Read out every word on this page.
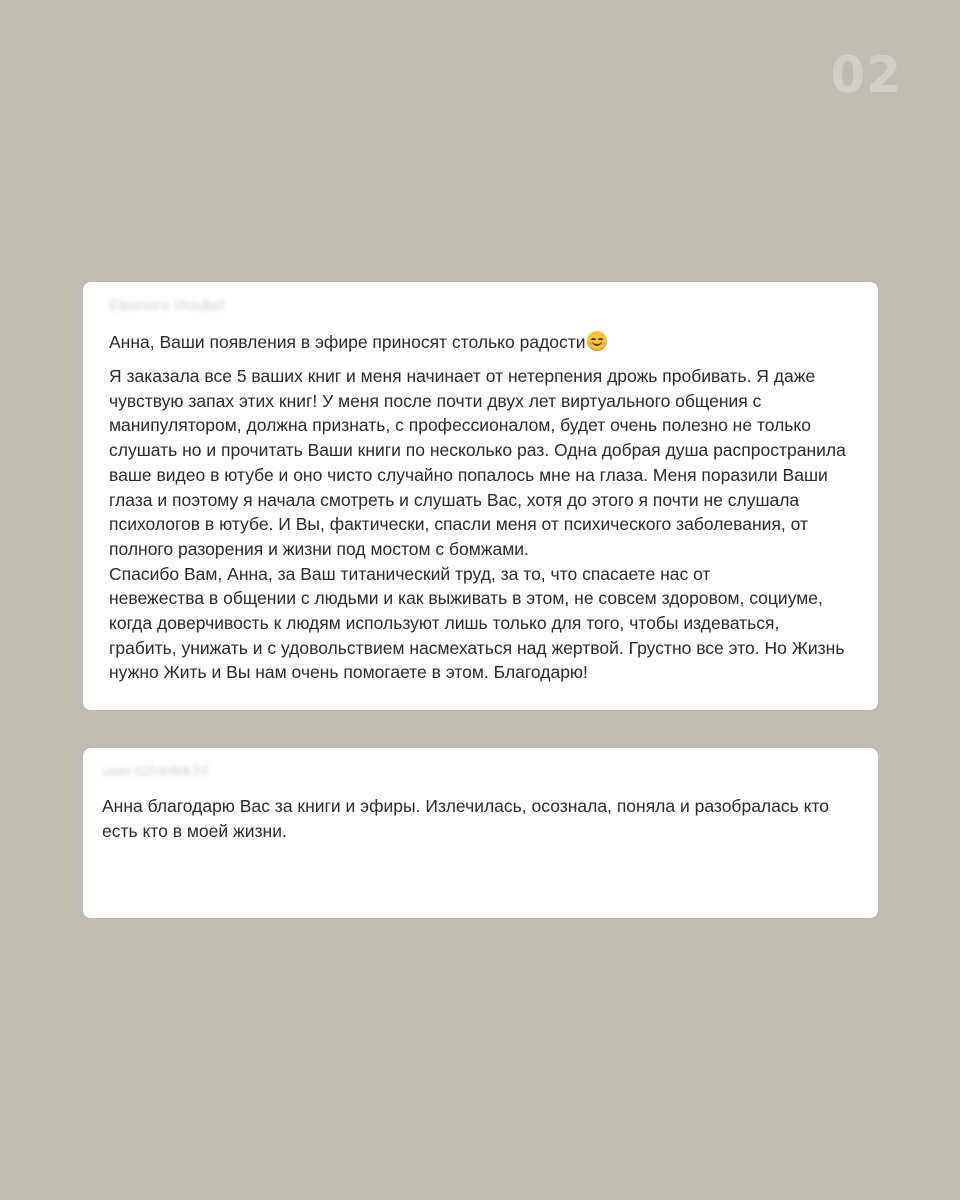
02
Eleonora Vroubel
Анна, Ваши появления в эфире приносят столько радости
Я заказала все 5 ваших книг и меня начинает от нетерпения дрожь пробивать. Я даже
чувствую запах этих книг! У меня после почти двух лет виртуального общения с
манипулятором, должна признать, с профессионалом, будет очень полезно не только
слушать но и прочитать Ваши книги по несколько раз. Одна добрая душа распространила
ваше видео в ютубе и оно чисто случайно попалось мне на глаза. Меня поразили Ваши
глаза и поэтому я начала смотреть и слушать Вас, хотя до этого я почти не слушала
психологов в ютубе. И Вы, фактически, спасли меня от психического заболевания, от
полного разорения и жизни под мостом с бомжами.
Спасибо Вам, Анна, за Ваш титанический труд, за то, что спасаете нас от
невежества в общении с людьми и как выживать в этом, не совсем здоровом, социуме,
когда доверчивость к людям используют лишь только для того, чтобы издеваться,
грабить, унижать и с удовольствием насмехаться над жертвой. Грустно все это. Но Жизнь
нужно Жить и Вы нам очень помогаете в этом. Благодарю!
user-t1h4r9rk7d
Анна благодарю Вас за книги и эфиры. Излечилась, осознала, поняла и разобралась кто
есть кто в моей жизни.
